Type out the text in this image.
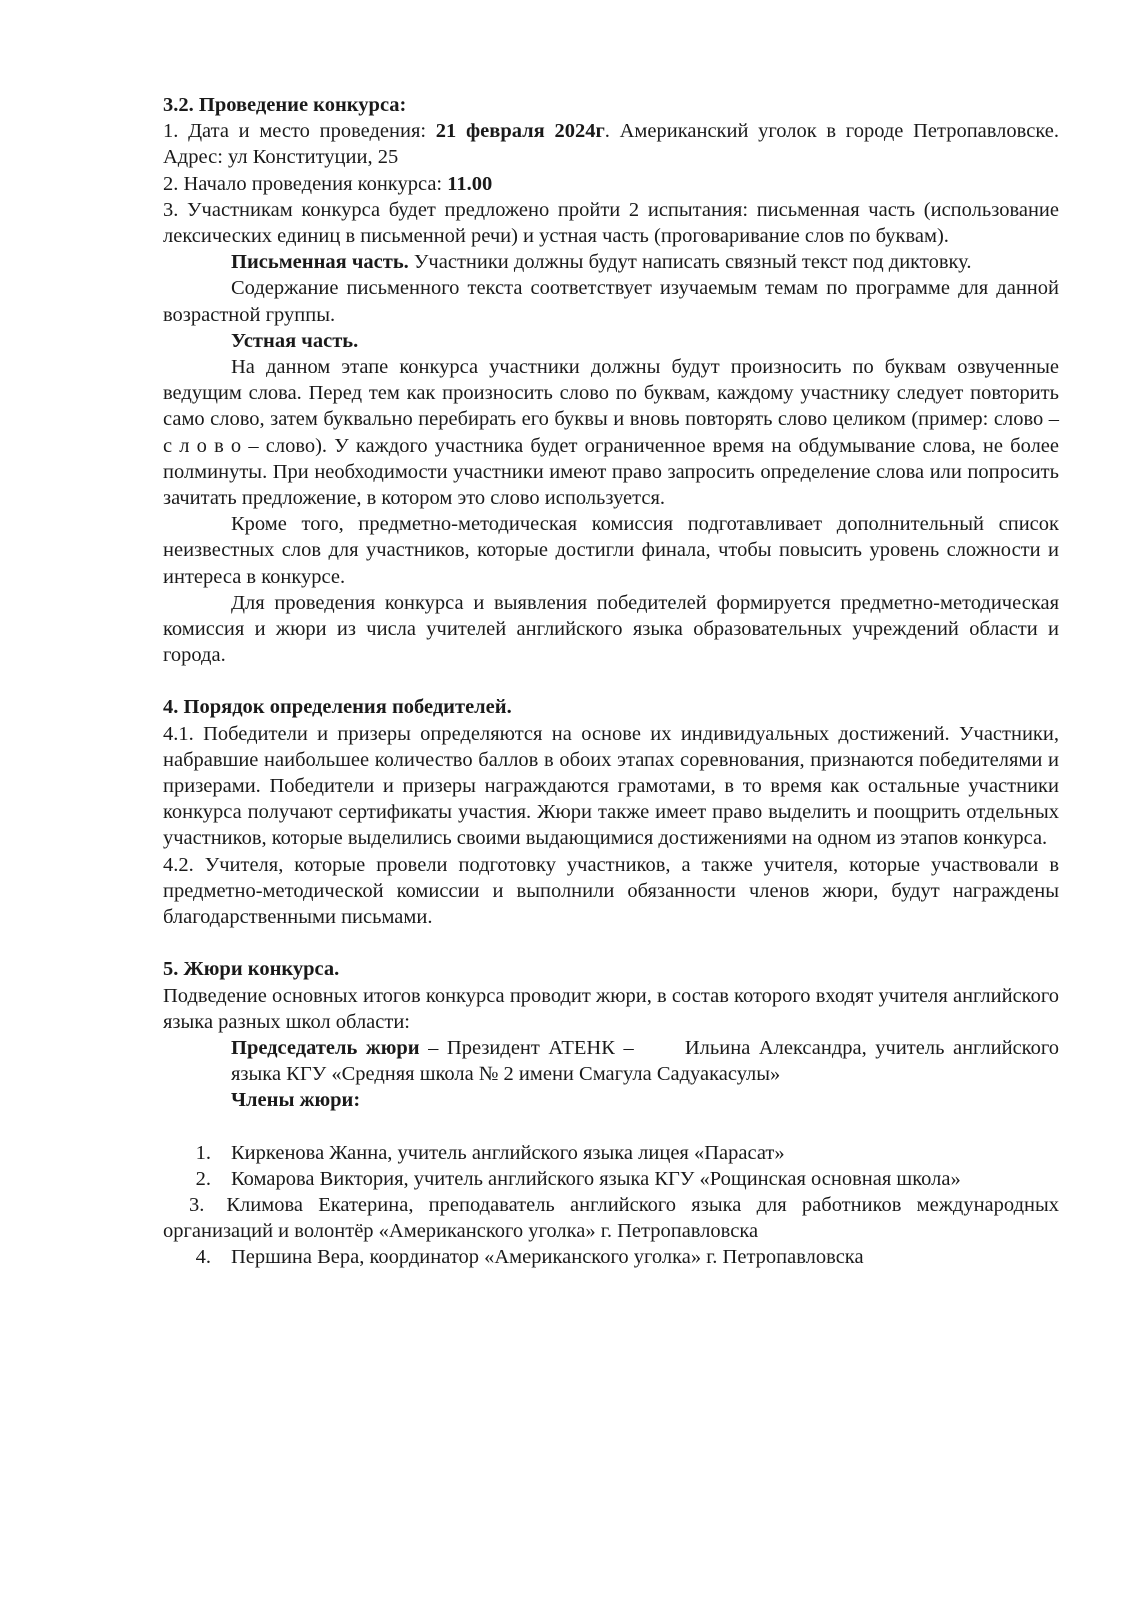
3.2. Проведение конкурса:

1. Дата и место проведения: 21 февраля 2024г. Американский уголок в городе Петропавловске. Адрес: ул Конституции, 25

2. Начало проведения конкурса: 11.00

3. Участникам конкурса будет предложено пройти 2 испытания: письменная часть (использование лексических единиц в письменной речи) и устная часть (проговаривание слов по буквам).

Письменная часть. Участники должны будут написать связный текст под диктовку.

Содержание письменного текста соответствует изучаемым темам по программе для данной возрастной группы.

Устная часть.

На данном этапе конкурса участники должны будут произносить по буквам озвученные ведущим слова. Перед тем как произносить слово по буквам, каждому участнику следует повторить само слово, затем буквально перебирать его буквы и вновь повторять слово целиком (пример: слово – с л о в о – слово). У каждого участника будет ограниченное время на обдумывание слова, не более полминуты. При необходимости участники имеют право запросить определение слова или попросить зачитать предложение, в котором это слово используется.

Кроме того, предметно-методическая комиссия подготавливает дополнительный список неизвестных слов для участников, которые достигли финала, чтобы повысить уровень сложности и интереса в конкурсе.

Для проведения конкурса и выявления победителей формируется предметно-методическая комиссия и жюри из числа учителей английского языка образовательных учреждений области и города.

4. Порядок определения победителей.

4.1. Победители и призеры определяются на основе их индивидуальных достижений. Участники, набравшие наибольшее количество баллов в обоих этапах соревнования, признаются победителями и призерами. Победители и призеры награждаются грамотами, в то время как остальные участники конкурса получают сертификаты участия. Жюри также имеет право выделить и поощрить отдельных участников, которые выделились своими выдающимися достижениями на одном из этапов конкурса.

4.2. Учителя, которые провели подготовку участников, а также учителя, которые участвовали в предметно-методической комиссии и выполнили обязанности членов жюри, будут награждены благодарственными письмами.

5. Жюри конкурса.

Подведение основных итогов конкурса проводит жюри, в состав которого входят учителя английского языка разных школ области:

Председатель жюри – Президент АТЕНК –      Ильина Александра, учитель английского языка КГУ «Средняя школа № 2 имени Смагула Садуакасулы»

Члены жюри:

1. Киркенова Жанна, учитель английского языка лицея «Парасат»
2. Комарова Виктория, учитель английского языка КГУ «Рощинская основная школа»

3. Климова Екатерина, преподаватель английского языка для работников международных организаций и волонтёр «Американского уголка» г. Петропавловска

4. Першина Вера, координатор «Американского уголка» г. Петропавловска
